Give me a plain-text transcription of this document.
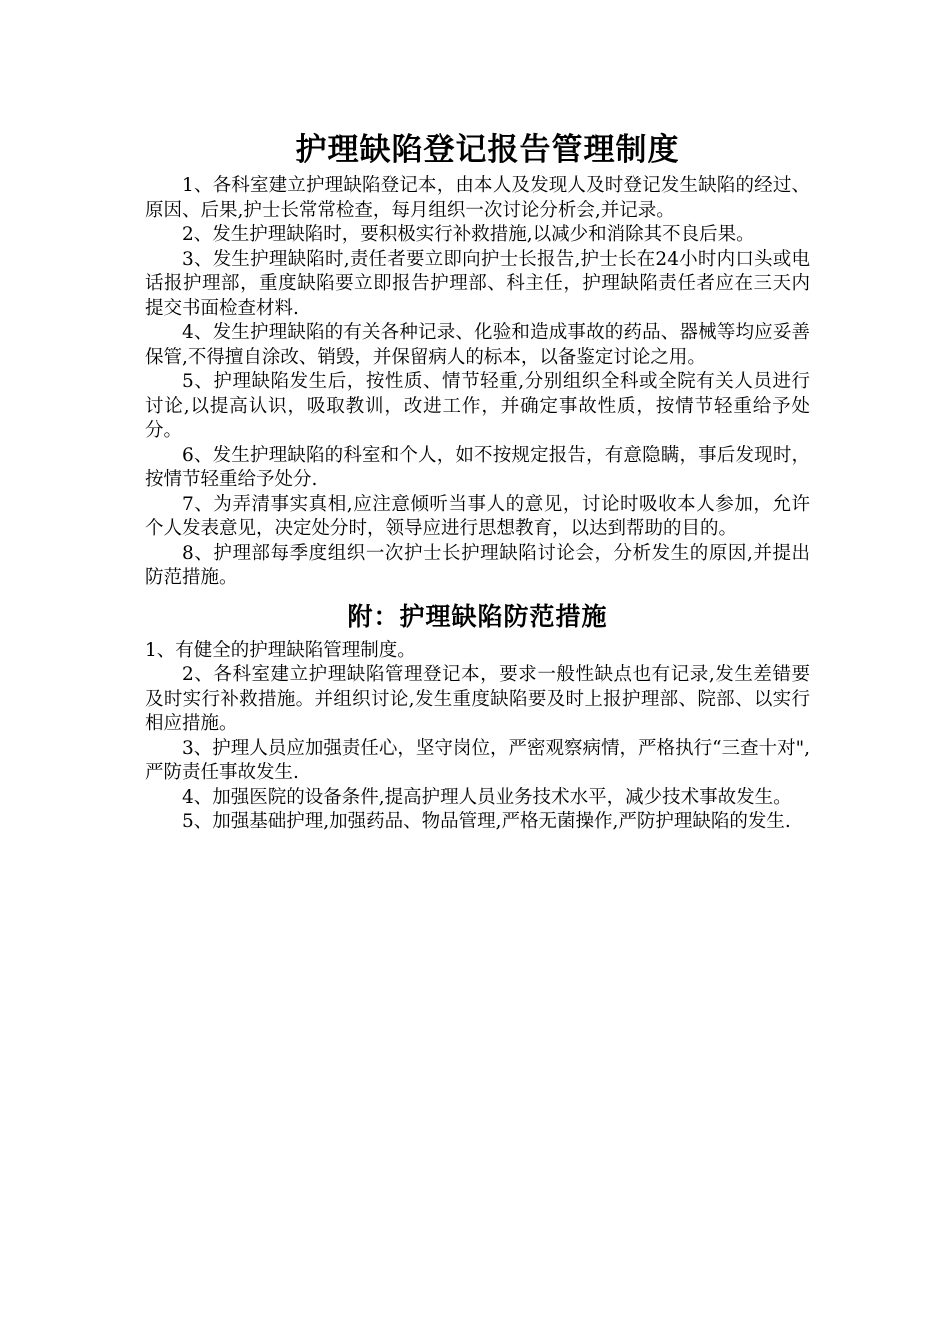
护理缺陷登记报告管理制度

1、各科室建立护理缺陷登记本，由本人及发现人及时登记发生缺陷的经过、原因、后果,护士长常常检查，每月组织一次讨论分析会,并记录。

2、发生护理缺陷时，要积极实行补救措施,以减少和消除其不良后果。

3、发生护理缺陷时,责任者要立即向护士长报告,护士长在24小时内口头或电话报护理部，重度缺陷要立即报告护理部、科主任，护理缺陷责任者应在三天内提交书面检查材料.

4、发生护理缺陷的有关各种记录、化验和造成事故的药品、器械等均应妥善保管,不得擅自涂改、销毁，并保留病人的标本，以备鉴定讨论之用。

5、护理缺陷发生后，按性质、情节轻重,分别组织全科或全院有关人员进行讨论,以提高认识，吸取教训，改进工作，并确定事故性质，按情节轻重给予处分。

6、发生护理缺陷的科室和个人，如不按规定报告，有意隐瞒，事后发现时，按情节轻重给予处分.

7、为弄清事实真相,应注意倾听当事人的意见，讨论时吸收本人参加，允许个人发表意见，决定处分时，领导应进行思想教育，以达到帮助的目的。

8、护理部每季度组织一次护士长护理缺陷讨论会，分析发生的原因,并提出防范措施。

附：护理缺陷防范措施

1、有健全的护理缺陷管理制度。

2、各科室建立护理缺陷管理登记本，要求一般性缺点也有记录,发生差错要及时实行补救措施。并组织讨论,发生重度缺陷要及时上报护理部、院部、以实行相应措施。

3、护理人员应加强责任心，坚守岗位，严密观察病情，严格执行“三查十对",严防责任事故发生.

4、加强医院的设备条件,提高护理人员业务技术水平，减少技术事故发生。

5、加强基础护理,加强药品、物品管理,严格无菌操作,严防护理缺陷的发生.
